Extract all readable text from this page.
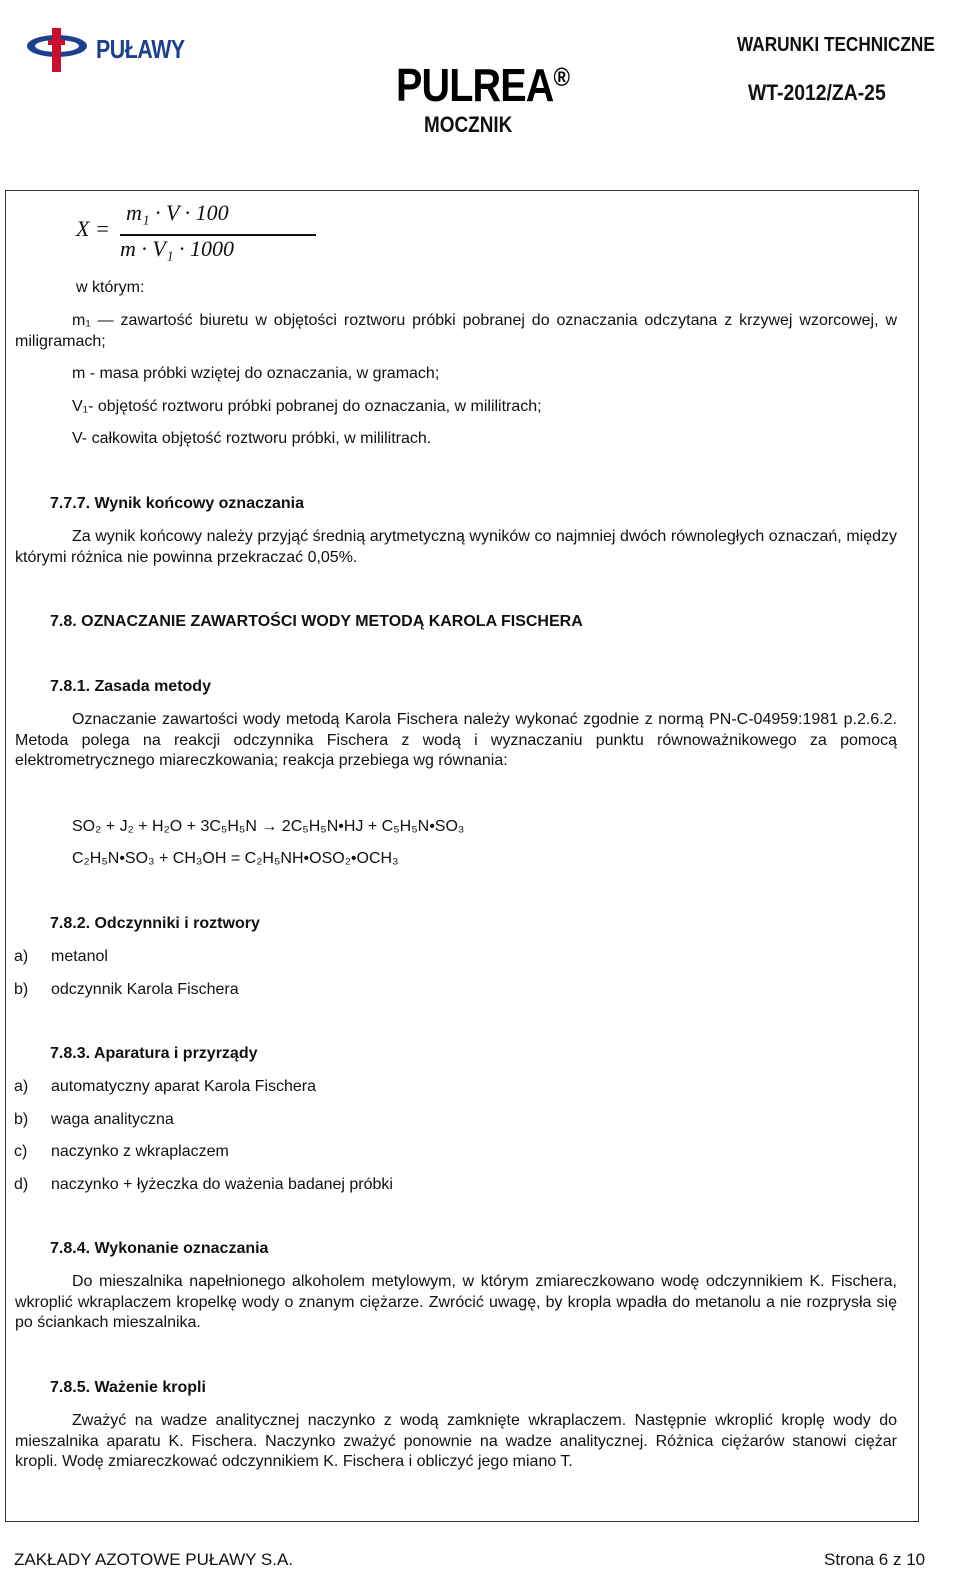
PUŁAWY
PULREA®
MOCZNIK
WARUNKI TECHNICZNE
WT-2012/ZA-25
X =
m₁ · V · 100
m · V₁ · 1000
w którym:
m₁ — zawartość biuretu w objętości roztworu próbki pobranej do oznaczania odczytana z krzywej wzorcowej, w miligramach;
m - masa próbki wziętej do oznaczania, w gramach;
V₁- objętość roztworu próbki pobranej do oznaczania, w mililitrach;
V- całkowita objętość roztworu próbki, w mililitrach.
7.7.7. Wynik końcowy oznaczania
Za wynik końcowy należy przyjąć średnią arytmetyczną wyników co najmniej dwóch równoległych oznaczań, między którymi różnica nie powinna przekraczać 0,05%.
7.8. OZNACZANIE ZAWARTOŚCI WODY METODĄ KAROLA FISCHERA
7.8.1. Zasada metody
Oznaczanie zawartości wody metodą Karola Fischera należy wykonać zgodnie z normą PN-C-04959:1981 p.2.6.2. Metoda polega na reakcji odczynnika Fischera z wodą i wyznaczaniu punktu równoważnikowego za pomocą elektrometrycznego miareczkowania; reakcja przebiega wg równania:
SO₂ + J₂ + H₂O + 3C₅H₅N → 2C₅H₅N•HJ + C₅H₅N•SO₃
C₂H₅N•SO₃ + CH₃OH = C₂H₅NH•OSO₂•OCH₃
7.8.2. Odczynniki i roztwory
a) metanol
b) odczynnik Karola Fischera
7.8.3. Aparatura i przyrządy
a) automatyczny aparat Karola Fischera
b) waga analityczna
c) naczynko z wkraplaczem
d) naczynko + łyżeczka do ważenia badanej próbki
7.8.4. Wykonanie oznaczania
Do mieszalnika napełnionego alkoholem metylowym, w którym zmiareczkowano wodę odczynnikiem K. Fischera, wkroplić wkraplaczem kropelkę wody o znanym ciężarze. Zwrócić uwagę, by kropla wpadła do metanolu a nie rozprysła się po ściankach mieszalnika.
7.8.5. Ważenie kropli
Zważyć na wadze analitycznej naczynko z wodą zamknięte wkraplaczem. Następnie wkroplić kroplę wody do mieszalnika aparatu K. Fischera. Naczynko zważyć ponownie na wadze analitycznej. Różnica ciężarów stanowi ciężar kropli. Wodę zmiareczkować odczynnikiem K. Fischera i obliczyć jego miano T.
ZAKŁADY AZOTOWE PUŁAWY S.A.	Strona 6 z 10
